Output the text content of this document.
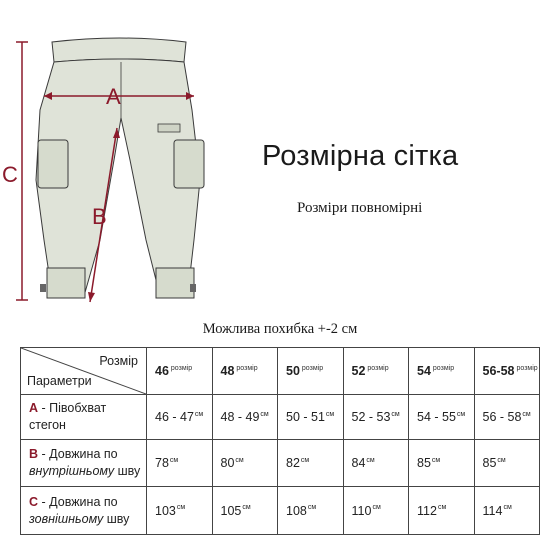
C
A
B
Розмірна сітка
Розміри повномірні
Можлива похибка +-2 см
Розмір
Параметри	46 $^{розмір}$	48 $^{розмір}$	50 $^{розмір}$	52 $^{розмір}$	54 $^{розмір}$	56-58 $^{розмір}$
A - Півобхват
стегон	$46 - 47^{см}$	$48 - 49^{см}$	$50 - 51^{см}$	$52 - 53^{см}$	$54 - 55^{см}$	$56 - 58^{см}$
B - Довжина по
внутрішньому шву	$78^{см}$	$80^{см}$	$82^{см}$	$84^{см}$	$85^{см}$	$85^{см}$
C - Довжина по
зовнішньому шву	$103^{см}$	$105^{см}$	$108^{см}$	$110^{см}$	$112^{см}$	$114^{см}$
